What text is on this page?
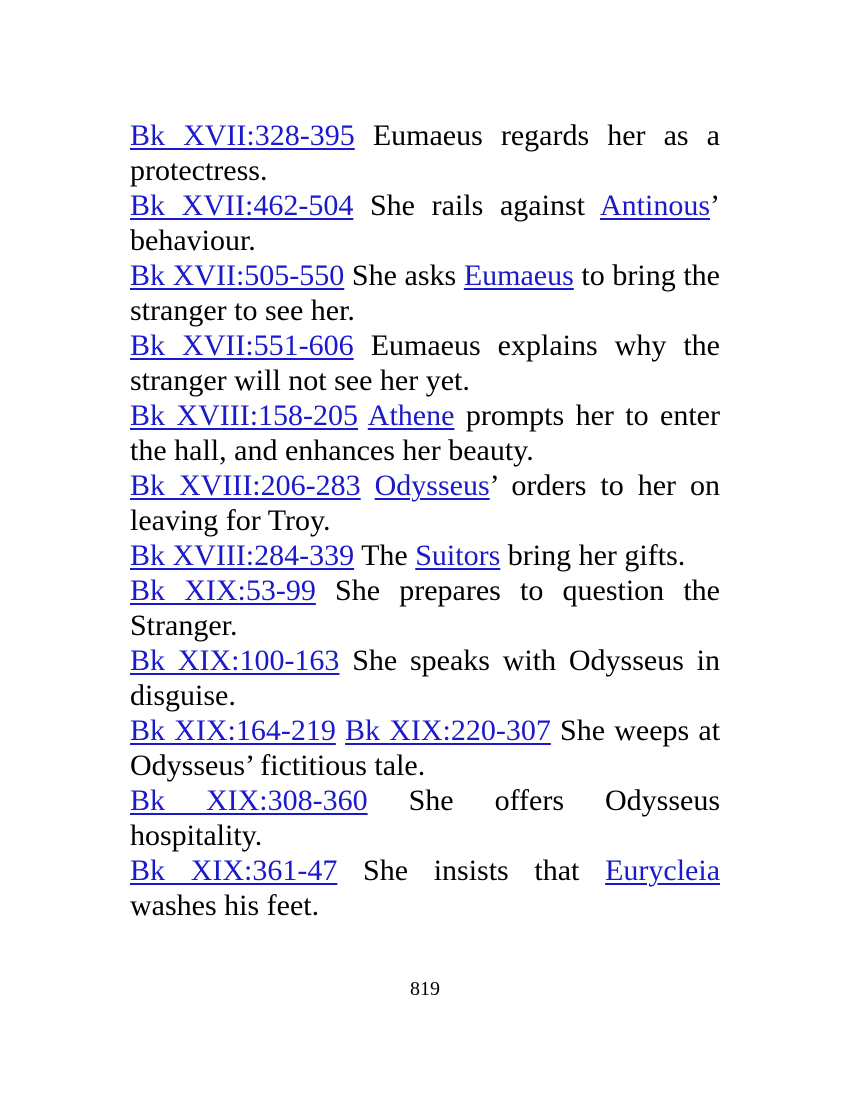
Bk XVII:328-395 Eumaeus regards her as a protectress.

Bk XVII:462-504 She rails against Antinous’ behaviour.

Bk XVII:505-550 She asks Eumaeus to bring the stranger to see her.

Bk XVII:551-606 Eumaeus explains why the stranger will not see her yet.

Bk XVIII:158-205 Athene prompts her to enter the hall, and enhances her beauty.

Bk XVIII:206-283 Odysseus’ orders to her on leaving for Troy.

Bk XVIII:284-339 The Suitors bring her gifts.

Bk XIX:53-99 She prepares to question the Stranger.

Bk XIX:100-163 She speaks with Odysseus in disguise.

Bk XIX:164-219 Bk XIX:220-307 She weeps at Odysseus’ fictitious tale.

Bk XIX:308-360 She offers Odysseus hospitality.

Bk XIX:361-47 She insists that Eurycleia washes his feet.

819
